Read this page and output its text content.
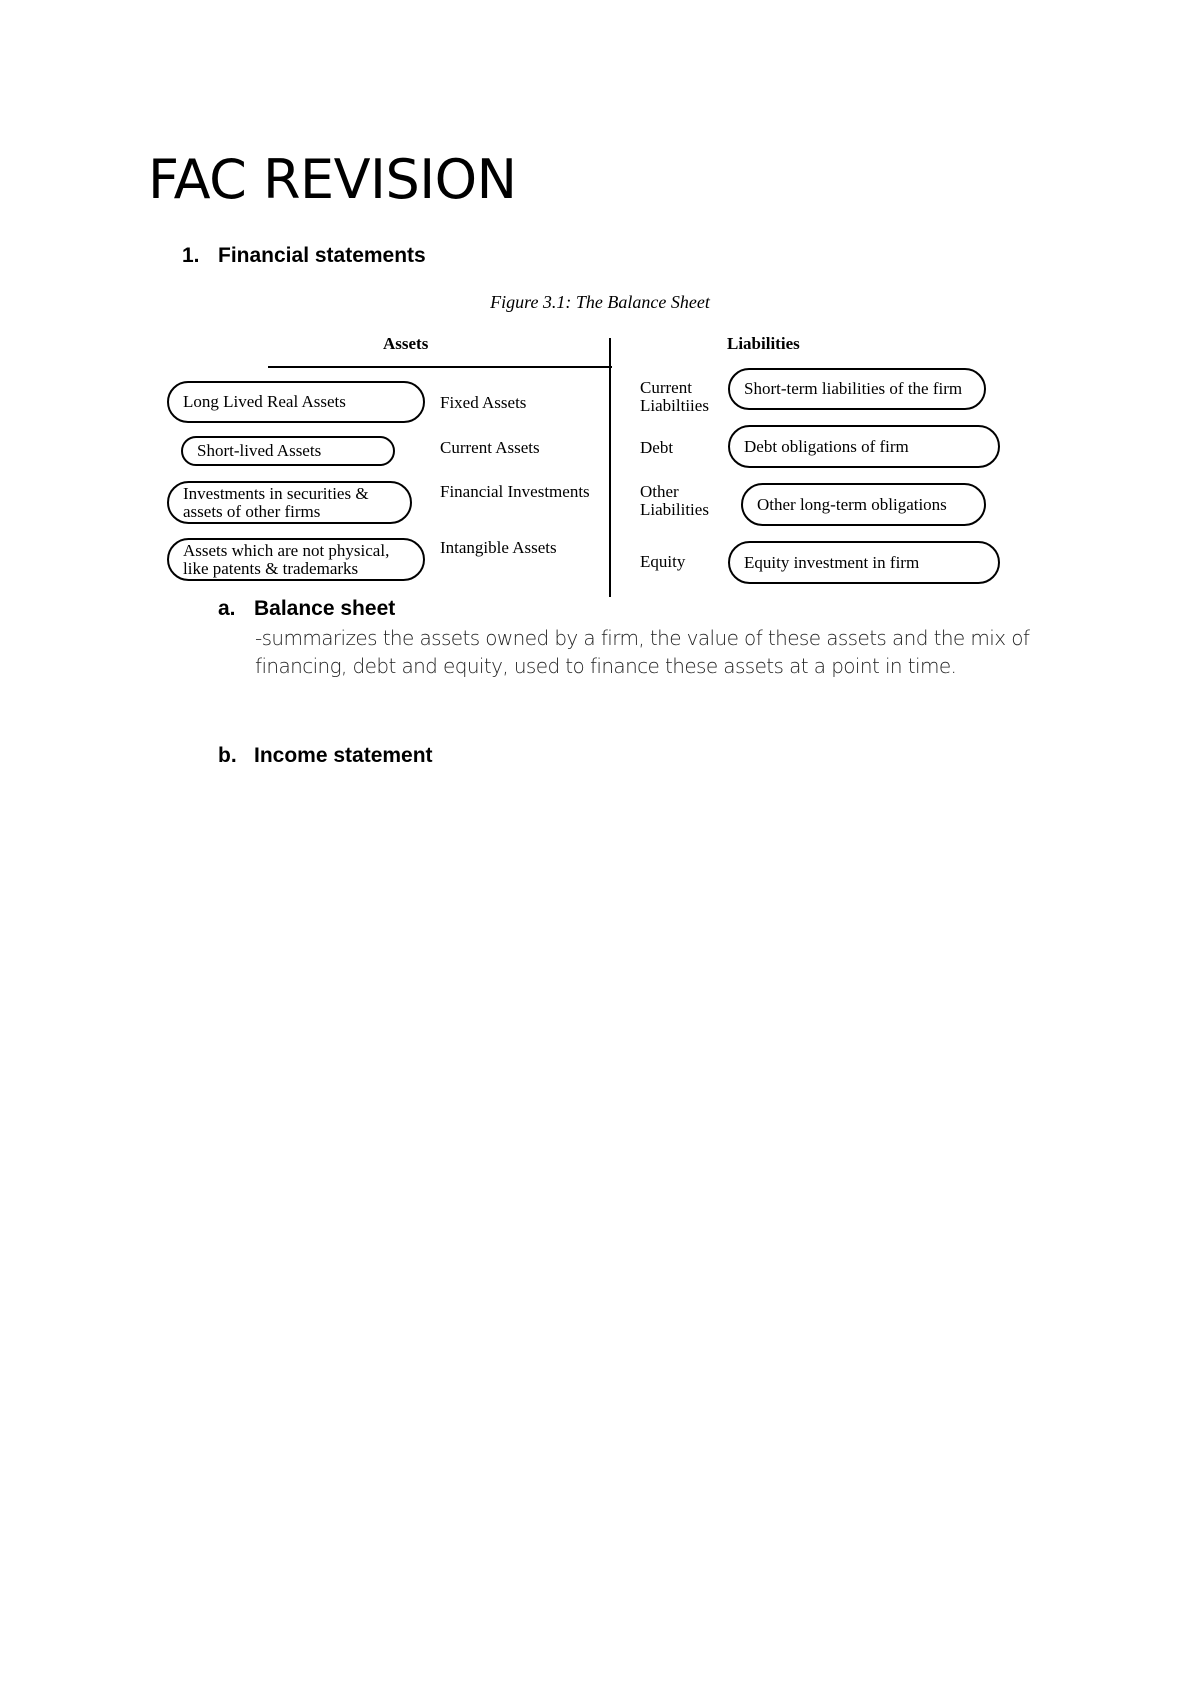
FAC REVISION
1. Financial statements
Figure 3.1: The Balance Sheet
Assets	Liabilities
Long Lived Real Assets
Short-lived Assets
Investments in securities &
assets of other firms
Assets which are not physical,
like patents & trademarks
Fixed Assets
Current Assets
Financial Investments
Intangible Assets
Current
Liabiltiies
Debt
Other
Liabilities
Equity
Short-term liabilities of the firm
Debt obligations of firm
Other long-term obligations
Equity investment in firm
a. Balance sheet
-summarizes the assets owned by a firm, the value of these assets and the mix of financing, debt and equity, used to finance these assets at a point in time.
b. Income statement
